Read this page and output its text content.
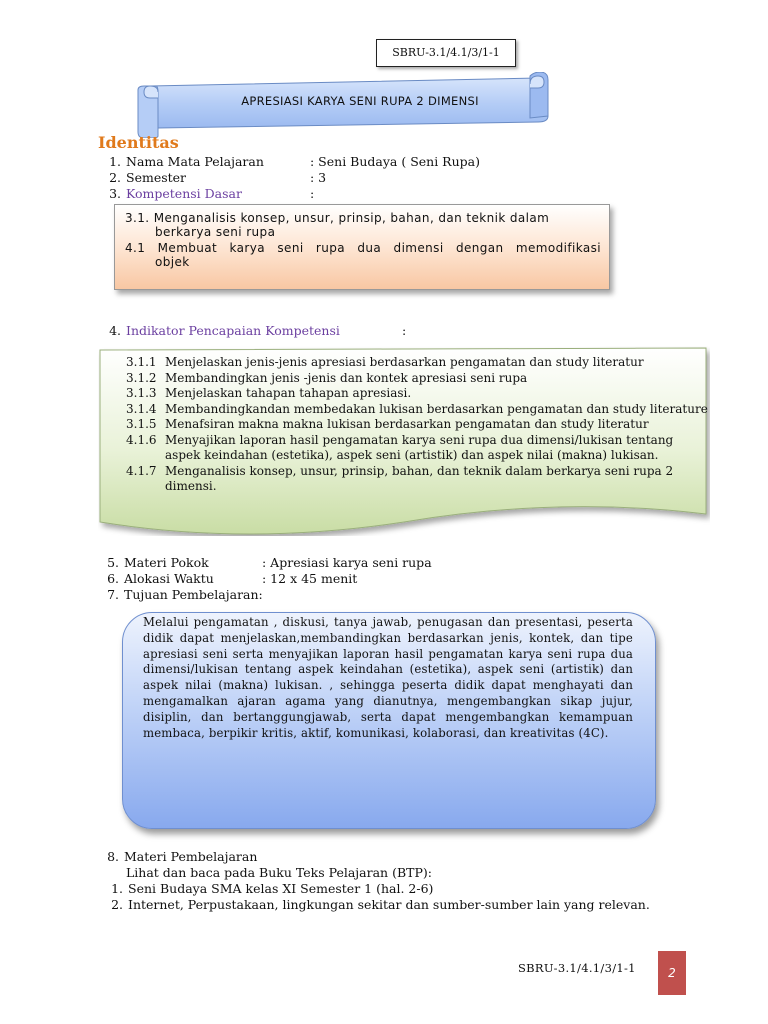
SBRU-3.1/4.1/3/1-1
APRESIASI KARYA SENI RUPA 2 DIMENSI
Identitas
1. Nama Mata Pelajaran	: Seni Budaya ( Seni Rupa)
2. Semester	: 3
3. Kompetensi Dasar	:
3.1. Menganalisis konsep, unsur, prinsip, bahan, dan teknik dalam
berkarya seni rupa
4.1 Membuat karya seni rupa dua dimensi dengan memodifikasi
objek
4. Indikator Pencapaian Kompetensi	:
3.1.1 Menjelaskan jenis-jenis apresiasi berdasarkan pengamatan dan study literatur
3.1.2 Membandingkan jenis -jenis dan kontek apresiasi seni rupa
3.1.3 Menjelaskan tahapan tahapan apresiasi.
3.1.4 Membandingkandan membedakan lukisan berdasarkan pengamatan dan study literature
3.1.5 Menafsiran makna makna lukisan berdasarkan pengamatan dan study literatur
4.1.6 Menyajikan laporan hasil pengamatan karya seni rupa dua dimensi/lukisan tentang aspek keindahan (estetika), aspek seni (artistik) dan aspek nilai (makna) lukisan.
4.1.7 Menganalisis konsep, unsur, prinsip, bahan, dan teknik dalam berkarya seni rupa 2 dimensi.
5. Materi Pokok	: Apresiasi karya seni rupa
6. Alokasi Waktu	: 12 x 45 menit
7. Tujuan Pembelajaran:
Melalui pengamatan , diskusi, tanya jawab, penugasan dan presentasi, peserta didik dapat menjelaskan,membandingkan berdasarkan jenis, kontek, dan tipe apresiasi seni serta menyajikan laporan hasil pengamatan karya seni rupa dua dimensi/lukisan tentang aspek keindahan (estetika), aspek seni (artistik) dan aspek nilai (makna) lukisan. , sehingga peserta didik dapat menghayati dan mengamalkan ajaran agama yang dianutnya, mengembangkan sikap jujur, disiplin, dan bertanggungjawab, serta dapat mengembangkan kemampuan membaca, berpikir kritis, aktif, komunikasi, kolaborasi, dan kreativitas (4C).
8. Materi Pembelajaran
Lihat dan baca pada Buku Teks Pelajaran (BTP):
1. Seni Budaya SMA kelas XI Semester 1 (hal. 2-6)
2. Internet, Perpustakaan, lingkungan sekitar dan sumber-sumber lain yang relevan.
SBRU-3.1/4.1/3/1-1	2
